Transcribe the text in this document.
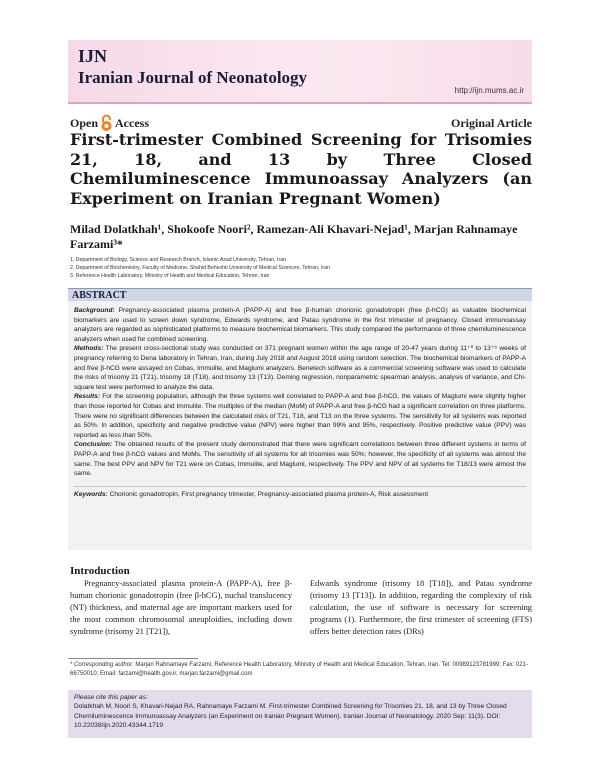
IJN
Iranian Journal of Neonatology
http://ijn.mums.ac.ir
Open Access	Original Article
First-trimester Combined Screening for Trisomies 21, 18, and 13 by Three Closed Chemiluminescence Immunoassay Analyzers (an Experiment on Iranian Pregnant Women)
Milad Dolatkhah¹, Shokoofe Noori², Ramezan-Ali Khavari-Nejad¹, Marjan Rahnamaye
Farzami³*
1. Department of Biology, Science and Research Branch, Islamic Azad University, Tehran, Iran
2. Department of Biochemistry, Faculty of Medicine, Shahid Beheshti University of Medical Sciences, Tehran, Iran
3. Reference Health Laboratory, Ministry of Health and Medical Education, Tehran, Iran
ABSTRACT

Background: Pregnancy-associated plasma protein-A (PAPP-A) and free β-human chorionic gonadotropin (free β-hCG) as valuable biochemical biomarkers are used to screen down syndrome, Edwards syndrome, and Patau syndrome in the first trimester of pregnancy. Closed immunoassay analyzers are regarded as sophisticated platforms to measure biochemical biomarkers. This study compared the performance of three chemiluminescence analyzers when used for combined screening.

Methods: The present cross-sectional study was conducted on 371 pregnant women within the age range of 20-47 years during 11⁺⁰ to 13⁺⁶ weeks of pregnancy referring to Dena laboratory in Tehran, Iran, during July 2018 and August 2018 using random selection. The biochemical biomarkers of PAPP-A and free β-hCG were assayed on Cobas, Immulite, and Maglumi analyzers. Benetech software as a commercial screening software was used to calculate the risks of trisomy 21 (T21), trisomy 18 (T18), and trisomy 13 (T13). Deming regression, nonparametric spearman analysis, analysis of variance, and Chi-square test were performed to analyze the data.

Results: For the screening population, although the three systems well correlated to PAPP-A and free β-hCG, the values of Maglumi were slightly higher than those reported for Cobas and Immulite. The multiples of the median (MoM) of PAPP-A and free β-hCG had a significant correlation on three platforms. There were no significant differences between the calculated risks of T21, T18, and T13 on the three systems. The sensitivity for all systems was reported as 50%. In addition, specificity and negative predictive value (NPV) were higher than 99% and 95%, respectively. Positive predictive value (PPV) was reported as less than 50%.

Conclusion: The obtained results of the present study demonstrated that there were significant correlations between three different systems in terms of PAPP-A and free β-hCG values and MoMs. The sensitivity of all systems for all trisomies was 50%; however, the specificity of all systems was almost the same. The best PPV and NPV for T21 were on Cobas, Immulite, and Maglumi, respectively. The PPV and NPV of all systems for T18/13 were almost the same.

Keywords: Chorionic gonadotropin, First pregnancy trimester, Pregnancy-associated plasma protein-A, Risk assessment

Introduction
Pregnancy-associated plasma protein-A (PAPP-A), free β-human chorionic gonadotropin (free β-hCG), nuchal translucency (NT) thickness, and maternal age are important markers used for the most common chromosomal aneuploidies, including down syndrome (trisomy 21 [T21]),
Edwards syndrome (trisomy 18 [T18]), and Patau syndrome (trisomy 13 [T13]). In addition, regarding the complexity of risk calculation, the use of software is necessary for screening programs (1). Furthermore, the first trimester of screening (FTS) offers better detection rates (DRs)
* Corresponding author: Marjan Rahnamaye Farzami, Reference Health Laboratory, Ministry of Health and Medical Education, Tehran, Iran. Tel: 00989123781999; Fax: 021-66750010; Email: farzami@health.gov.ir, marjan.farzami@gmail.com
Please cite this paper as:
Dolatkhah M, Noori S, Khavari-Nejad RA, Rahnamaye Farzami M. First-trimester Combined Screening for Trisomies 21, 18, and 13 by Three Closed Chemiluminescence Immunoassay Analyzers (an Experiment on Iranian Pregnant Women). Iranian Journal of Neonatology. 2020 Sep: 11(3). DOI: 10.22038/ijn.2020.43344.1719
